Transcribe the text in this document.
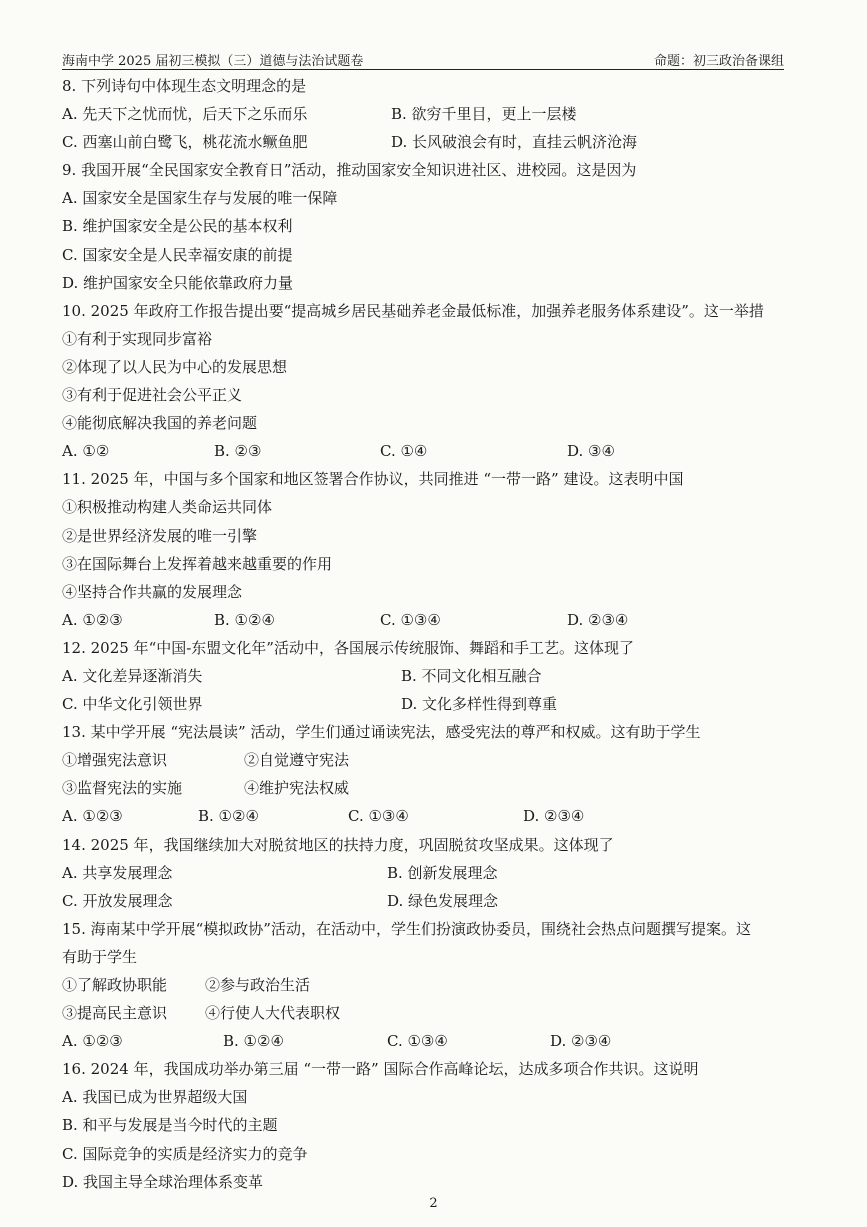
海南中学 2025 届初三模拟（三）道德与法治试题卷	命题：初三政治备课组
8. 下列诗句中体现生态文明理念的是
A. 先天下之忧而忧，后天下之乐而乐	B. 欲穷千里目，更上一层楼
C. 西塞山前白鹭飞，桃花流水鳜鱼肥	D. 长风破浪会有时，直挂云帆济沧海
9. 我国开展“全民国家安全教育日”活动，推动国家安全知识进社区、进校园。这是因为
A. 国家安全是国家生存与发展的唯一保障
B. 维护国家安全是公民的基本权利
C. 国家安全是人民幸福安康的前提
D. 维护国家安全只能依靠政府力量
10. 2025 年政府工作报告提出要“提高城乡居民基础养老金最低标准，加强养老服务体系建设”。这一举措
①有利于实现同步富裕
②体现了以人民为中心的发展思想
③有利于促进社会公平正义
④能彻底解决我国的养老问题
A. ①②	B. ②③	C. ①④	D. ③④
11. 2025 年，中国与多个国家和地区签署合作协议，共同推进 “一带一路” 建设。这表明中国
①积极推动构建人类命运共同体
②是世界经济发展的唯一引擎
③在国际舞台上发挥着越来越重要的作用
④坚持合作共赢的发展理念
A. ①②③	B. ①②④	C. ①③④	D. ②③④
12. 2025 年“中国-东盟文化年”活动中，各国展示传统服饰、舞蹈和手工艺。这体现了
A. 文化差异逐渐消失	B. 不同文化相互融合
C. 中华文化引领世界	D. 文化多样性得到尊重
13. 某中学开展 “宪法晨读” 活动，学生们通过诵读宪法，感受宪法的尊严和权威。这有助于学生
①增强宪法意识	②自觉遵守宪法
③监督宪法的实施	④维护宪法权威
A. ①②③	B. ①②④	C. ①③④	D. ②③④
14. 2025 年，我国继续加大对脱贫地区的扶持力度，巩固脱贫攻坚成果。这体现了
A. 共享发展理念	B. 创新发展理念
C. 开放发展理念	D. 绿色发展理念
15. 海南某中学开展“模拟政协”活动，在活动中，学生们扮演政协委员，围绕社会热点问题撰写提案。这
有助于学生
①了解政协职能	②参与政治生活
③提高民主意识	④行使人大代表职权
A. ①②③	B. ①②④	C. ①③④	D. ②③④
16. 2024 年，我国成功举办第三届 “一带一路” 国际合作高峰论坛，达成多项合作共识。这说明
A. 我国已成为世界超级大国
B. 和平与发展是当今时代的主题
C. 国际竞争的实质是经济实力的竞争
D. 我国主导全球治理体系变革
2
